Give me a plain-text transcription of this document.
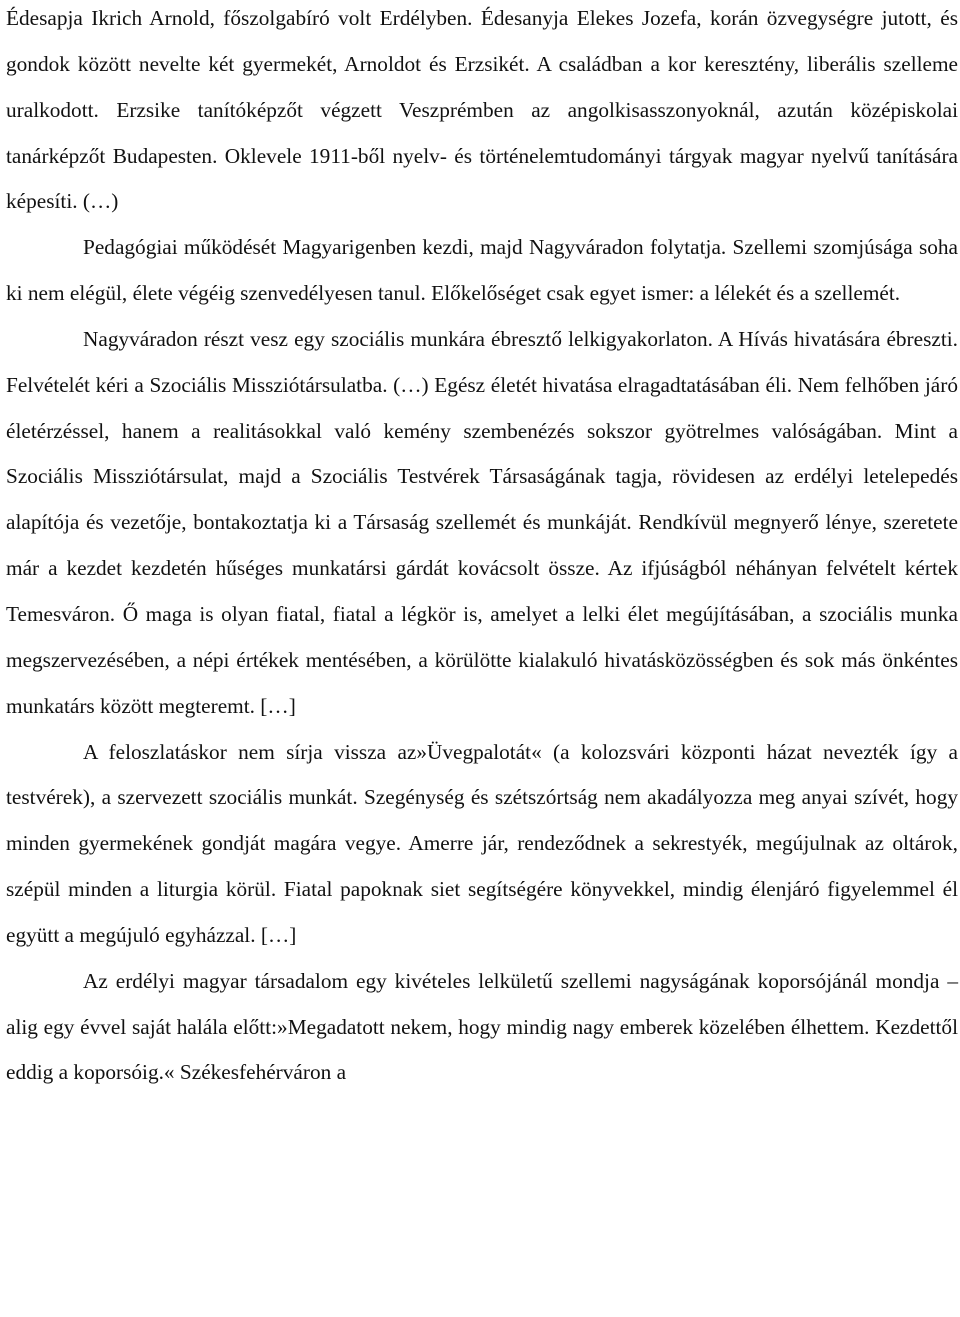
Édesapja Ikrich Arnold, főszolgabíró volt Erdélyben. Édesanyja Elekes Jozefa, korán özvegységre jutott, és gondok között nevelte két gyermekét, Arnoldot és Erzsikét. A családban a kor keresztény, liberális szelleme uralkodott. Erzsike tanítóképzőt végzett Veszprémben az angolkisasszonyoknál, azután középiskolai tanárképzőt Budapesten. Oklevele 1911-ből nyelv- és történelemtudományi tárgyak magyar nyelvű tanítására képesíti. (…)

Pedagógiai működését Magyarigenben kezdi, majd Nagyváradon folytatja. Szellemi szomjúsága soha ki nem elégül, élete végéig szenvedélyesen tanul. Előkelőséget csak egyet ismer: a lélekét és a szellemét.

Nagyváradon részt vesz egy szociális munkára ébresztő lelkigyakorlaton. A Hívás hivatására ébreszti. Felvételét kéri a Szociális Missziótársulatba. (…) Egész életét hivatása elragadtatásában éli. Nem felhőben járó életérzéssel, hanem a realitásokkal való kemény szembenézés sokszor gyötrelmes valóságában. Mint a Szociális Missziótársulat, majd a Szociális Testvérek Társaságának tagja, rövidesen az erdélyi letelepedés alapítója és vezetője, bontakoztatja ki a Társaság szellemét és munkáját. Rendkívül megnyerő lénye, szeretete már a kezdet kezdetén hűséges munkatársi gárdát kovácsolt össze. Az ifjúságból néhányan felvételt kértek Temesváron. Ő maga is olyan fiatal, fiatal a légkör is, amelyet a lelki élet megújításában, a szociális munka megszervezésében, a népi értékek mentésében, a körülötte kialakuló hivatásközösségben és sok más önkéntes munkatárs között megteremt. […]

A feloszlatáskor nem sírja vissza az»Üvegpalotát« (a kolozsvári központi házat nevezték így a testvérek), a szervezett szociális munkát. Szegénység és szétszórtság nem akadályozza meg anyai szívét, hogy minden gyermekének gondját magára vegye. Amerre jár, rendeződnek a sekrestyék, megújulnak az oltárok, szépül minden a liturgia körül. Fiatal papoknak siet segítségére könyvekkel, mindig élenjáró figyelemmel él együtt a megújuló egyházzal. […]

Az erdélyi magyar társadalom egy kivételes lelkületű szellemi nagyságának koporsójánál mondja – alig egy évvel saját halála előtt:»Megadatott nekem, hogy mindig nagy emberek közelében élhettem. Kezdettől eddig a koporsóig.« Székesfehérváron a
